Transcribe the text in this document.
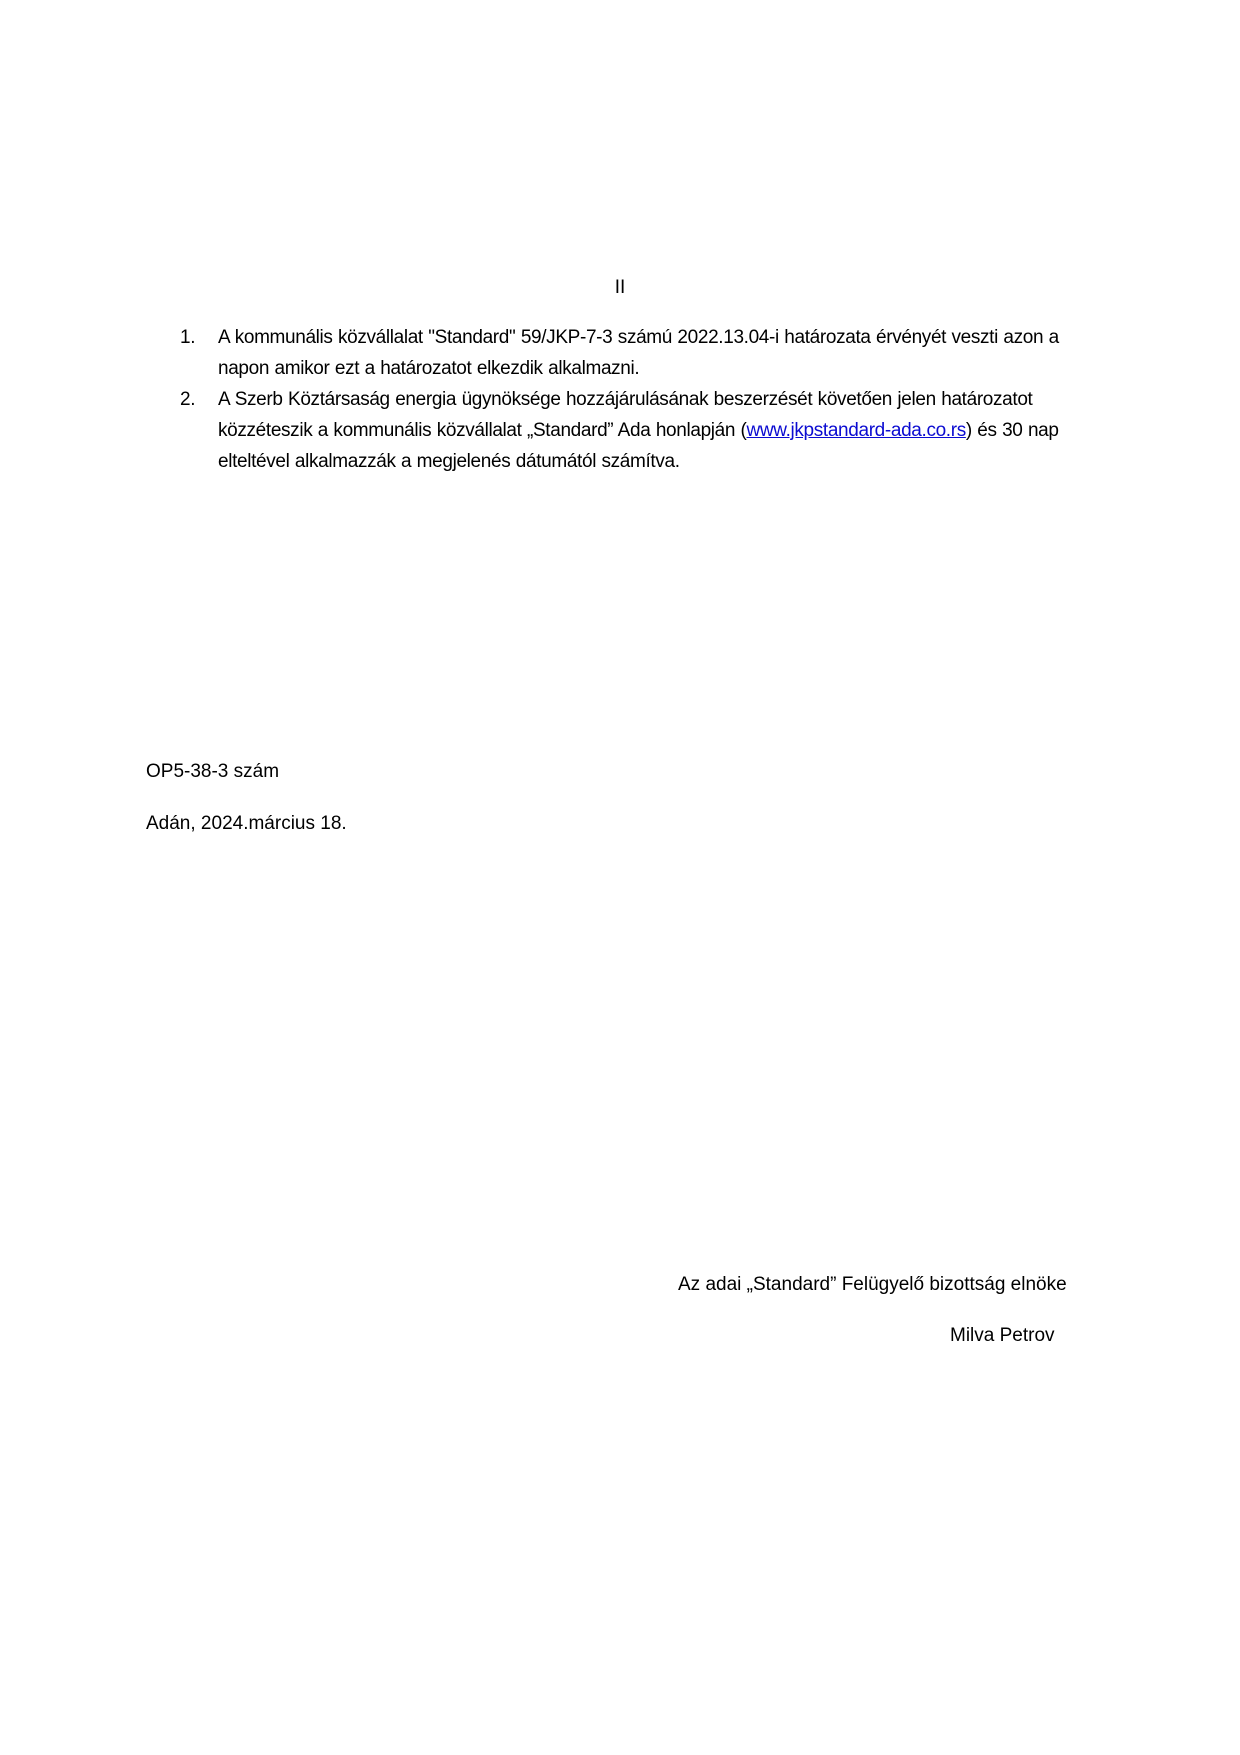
II
1. A kommunális közvállalat "Standard" 59/JKP-7-3 számú 2022.13.04-i határozata érvényét veszti azon a napon amikor ezt a határozatot elkezdik alkalmazni.
2. A Szerb Köztársaság energia ügynöksége hozzájárulásának beszerzését követően jelen határozatot közzéteszik a kommunális közvállalat „Standard” Ada honlapján (www.jkpstandard-ada.co.rs) és 30 nap elteltével alkalmazzák a megjelenés dátumától számítva.
OP5-38-3 szám
Adán, 2024.március 18.
Az adai „Standard” Felügyelő bizottság elnöke
Milva Petrov
